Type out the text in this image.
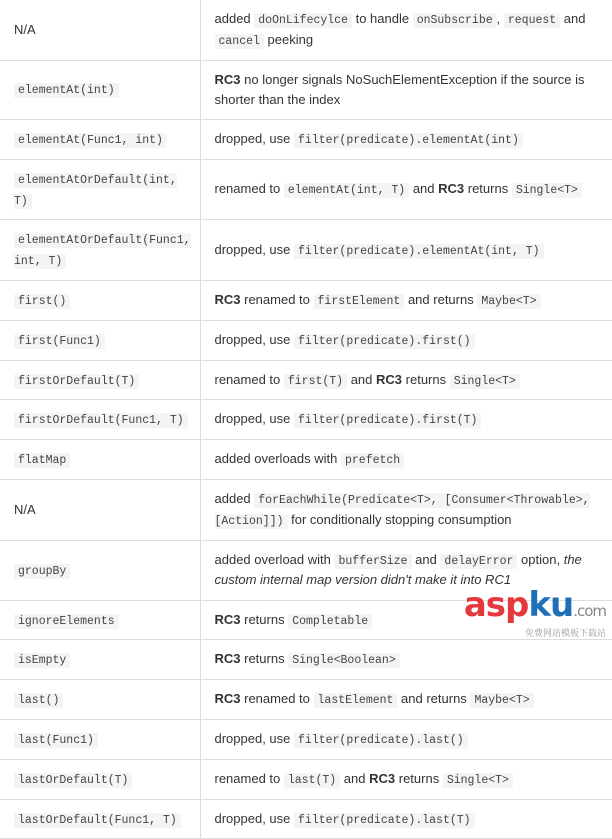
N/A	added doOnLifecylce to handle onSubscribe , request and cancel peeking
elementAt(int)	RC3 no longer signals NoSuchElementException if the source is shorter than the index
elementAt(Func1, int)	dropped, use filter(predicate).elementAt(int)
elementAtOrDefault(int, T)	renamed to elementAt(int, T) and RC3 returns Single<T>
elementAtOrDefault(Func1, int, T)	dropped, use filter(predicate).elementAt(int, T)
first()	RC3 renamed to firstElement and returns Maybe<T>
first(Func1)	dropped, use filter(predicate).first()
firstOrDefault(T)	renamed to first(T) and RC3 returns Single<T>
firstOrDefault(Func1, T)	dropped, use filter(predicate).first(T)
flatMap	added overloads with prefetch
N/A	added forEachWhile(Predicate<T>, [Consumer<Throwable>, [Action]]) for conditionally stopping consumption
groupBy	added overload with bufferSize and delayError option, the custom internal map version didn't make it into RC1
ignoreElements	RC3 returns Completable
isEmpty	RC3 returns Single<Boolean>
last()	RC3 renamed to lastElement and returns Maybe<T>
last(Func1)	dropped, use filter(predicate).last()
lastOrDefault(T)	renamed to last(T) and RC3 returns Single<T>
lastOrDefault(Func1, T)	dropped, use filter(predicate).last(T)
asp ku .com
免费网站模板下载站
